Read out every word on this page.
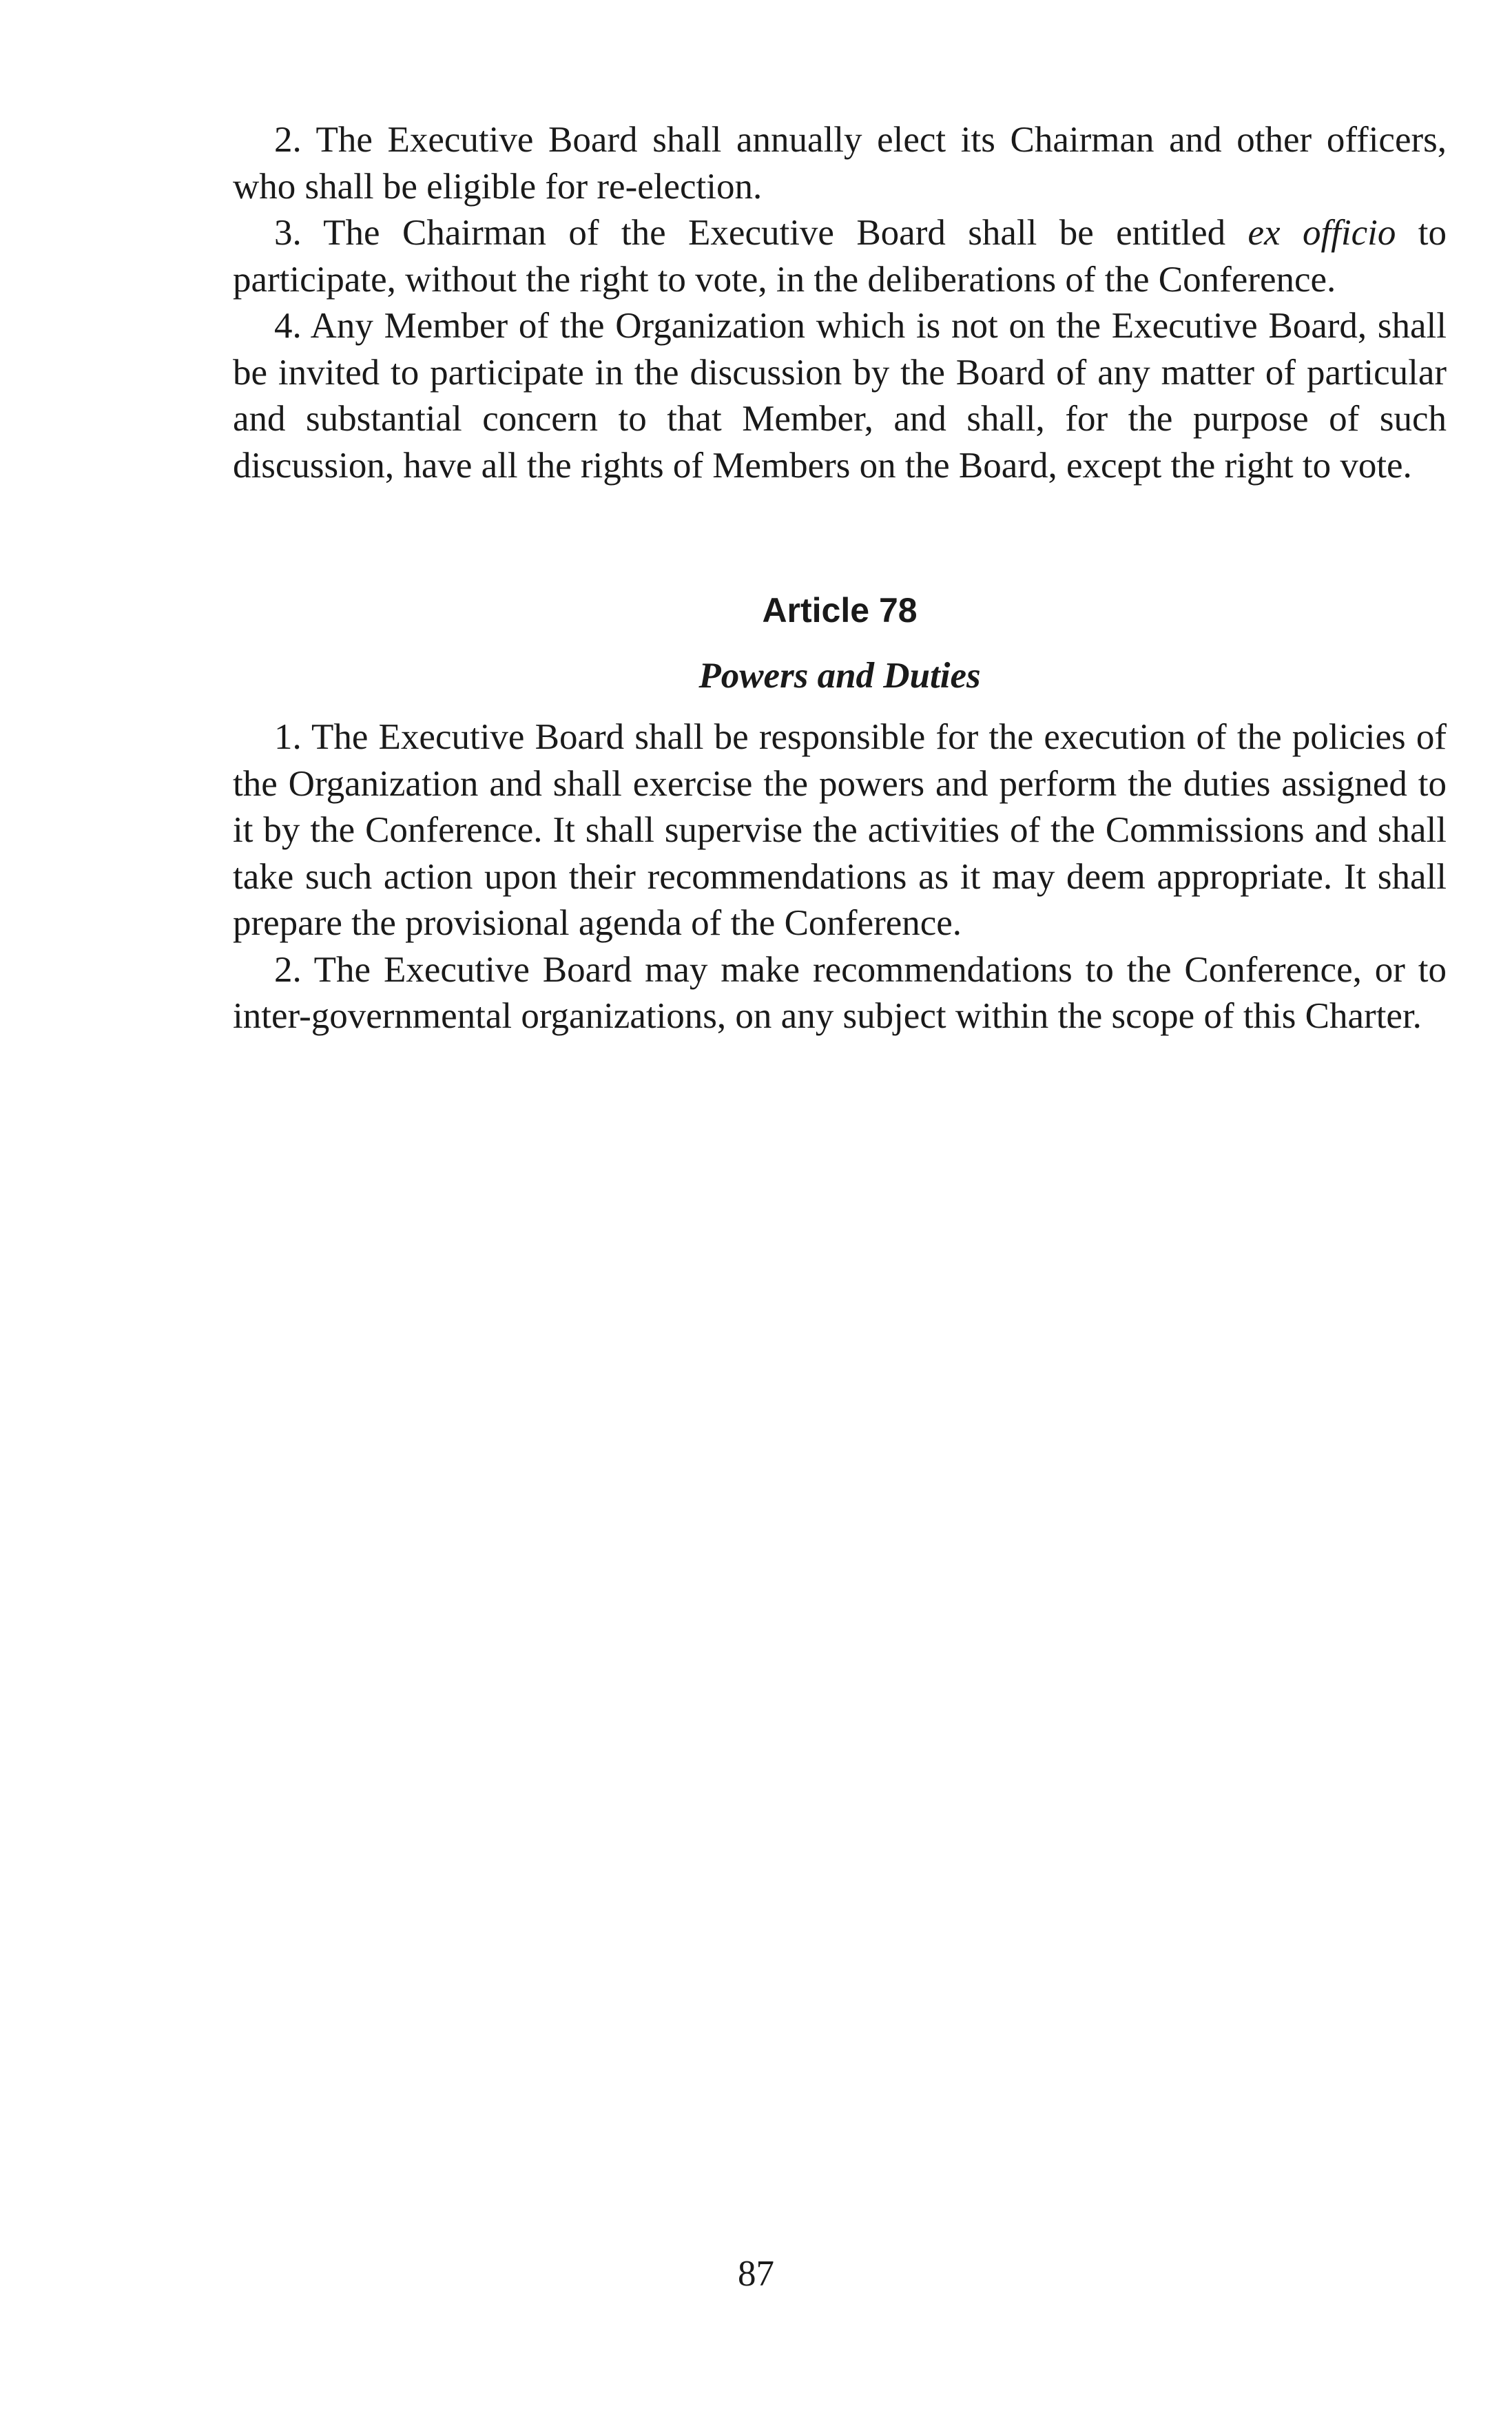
2. The Executive Board shall annually elect its Chairman and other officers, who shall be eligible for re-election.

3. The Chairman of the Executive Board shall be entitled ex officio to participate, without the right to vote, in the deliberations of the Conference.

4. Any Member of the Organization which is not on the Executive Board, shall be invited to participate in the discussion by the Board of any matter of particular and substantial concern to that Member, and shall, for the purpose of such discussion, have all the rights of Members on the Board, except the right to vote.

Article 78
Powers and Duties

1. The Executive Board shall be responsible for the execution of the policies of the Organization and shall exercise the powers and perform the duties assigned to it by the Conference. It shall supervise the activities of the Commissions and shall take such action upon their recommendations as it may deem appropriate. It shall prepare the provisional agenda of the Conference.

2. The Executive Board may make recommendations to the Conference, or to inter-governmental organizations, on any subject within the scope of this Charter.

87
